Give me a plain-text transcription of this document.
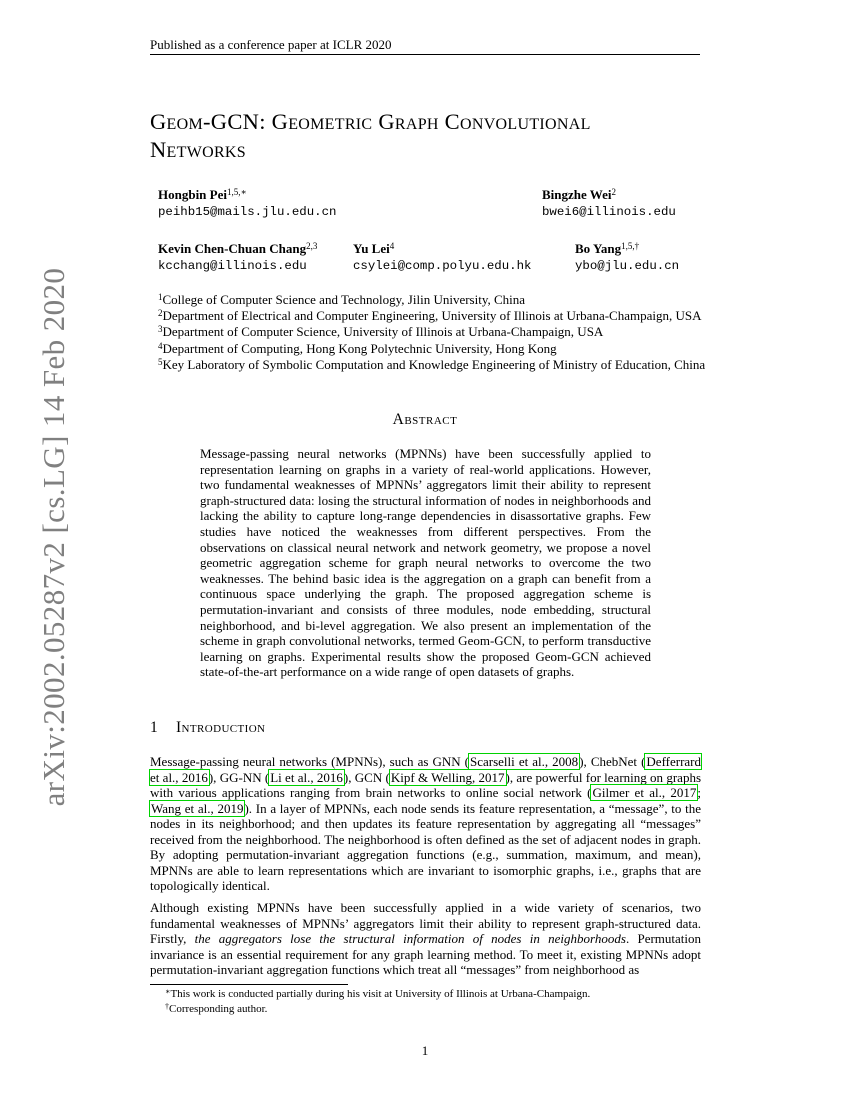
Published as a conference paper at ICLR 2020
Geom-GCN: Geometric Graph Convolutional
Networks
Hongbin Pei$^{1,5,∗}$
peihb15@mails.jlu.edu.cn
Bingzhe Wei$^2$
bwei6@illinois.edu
Kevin Chen-Chuan Chang$^{2,3}$
kcchang@illinois.edu
Yu Lei$^4$
csylei@comp.polyu.edu.hk
Bo Yang$^{1,5,\dagger}$
ybo@jlu.edu.cn
$^1$College of Computer Science and Technology, Jilin University, China
$^2$Department of Electrical and Computer Engineering, University of Illinois at Urbana-Champaign, USA
$^3$Department of Computer Science, University of Illinois at Urbana-Champaign, USA
$^4$Department of Computing, Hong Kong Polytechnic University, Hong Kong
$^5$Key Laboratory of Symbolic Computation and Knowledge Engineering of Ministry of Education, China
Abstract
Message-passing neural networks (MPNNs) have been successfully applied to representation learning on graphs in a variety of real-world applications. However, two fundamental weaknesses of MPNNs’ aggregators limit their ability to represent graph-structured data: losing the structural information of nodes in neighborhoods and lacking the ability to capture long-range dependencies in disassortative graphs. Few studies have noticed the weaknesses from different perspectives. From the observations on classical neural network and network geometry, we propose a novel geometric aggregation scheme for graph neural networks to overcome the two weaknesses. The behind basic idea is the aggregation on a graph can benefit from a continuous space underlying the graph. The proposed aggregation scheme is permutation-invariant and consists of three modules, node embedding, structural neighborhood, and bi-level aggregation. We also present an implementation of the scheme in graph convolutional networks, termed Geom-GCN, to perform transductive learning on graphs. Experimental results show the proposed Geom-GCN achieved state-of-the-art performance on a wide range of open datasets of graphs.
1 Introduction
Message-passing neural networks (MPNNs), such as GNN (Scarselli et al., 2008), ChebNet (Defferrard et al., 2016), GG-NN (Li et al., 2016), GCN (Kipf & Welling, 2017), are powerful for learning on graphs with various applications ranging from brain networks to online social network (Gilmer et al., 2017; Wang et al., 2019). In a layer of MPNNs, each node sends its feature representation, a “message”, to the nodes in its neighborhood; and then updates its feature representation by aggregating all “messages” received from the neighborhood. The neighborhood is often defined as the set of adjacent nodes in graph. By adopting permutation-invariant aggregation functions (e.g., summation, maximum, and mean), MPNNs are able to learn representations which are invariant to isomorphic graphs, i.e., graphs that are topologically identical.
Although existing MPNNs have been successfully applied in a wide variety of scenarios, two fundamental weaknesses of MPNNs’ aggregators limit their ability to represent graph-structured data. Firstly, the aggregators lose the structural information of nodes in neighborhoods. Permutation invariance is an essential requirement for any graph learning method. To meet it, existing MPNNs adopt permutation-invariant aggregation functions which treat all “messages” from neighborhood as
∗This work is conducted partially during his visit at University of Illinois at Urbana-Champaign.
†Corresponding author.
1
arXiv:2002.05287v2 [cs.LG] 14 Feb 2020
